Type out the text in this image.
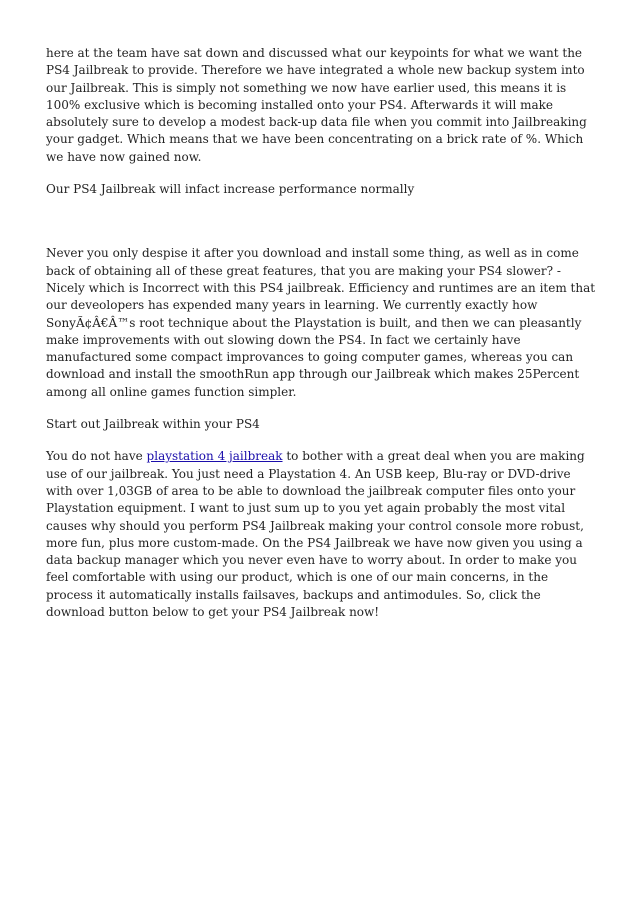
here at the team have sat down and discussed what our keypoints for what we want the PS4 Jailbreak to provide. Therefore we have integrated a whole new backup system into our Jailbreak. This is simply not something we now have earlier used, this means it is 100% exclusive which is becoming installed onto your PS4. Afterwards it will make absolutely sure to develop a modest back-up data file when you commit into Jailbreaking your gadget. Which means that we have been concentrating on a brick rate of %. Which we have now gained now.

Our PS4 Jailbreak will infact increase performance normally

Never you only despise it after you download and install some thing, as well as in come back of obtaining all of these great features, that you are making your PS4 slower? - Nicely which is Incorrect with this PS4 jailbreak. Efficiency and runtimes are an item that our deveolopers has expended many years in learning. We currently exactly how SonyÃ¢Â€Â™s root technique about the Playstation is built, and then we can pleasantly make improvements with out slowing down the PS4. In fact we certainly have manufactured some compact improvances to going computer games, whereas you can download and install the smoothRun app through our Jailbreak which makes 25Percent among all online games function simpler.

Start out Jailbreak within your PS4

You do not have playstation 4 jailbreak to bother with a great deal when you are making use of our jailbreak. You just need a Playstation 4. An USB keep, Blu-ray or DVD-drive with over 1,03GB of area to be able to download the jailbreak computer files onto your Playstation equipment. I want to just sum up to you yet again probably the most vital causes why should you perform PS4 Jailbreak making your control console more robust, more fun, plus more custom-made. On the PS4 Jailbreak we have now given you using a data backup manager which you never even have to worry about. In order to make you feel comfortable with using our product, which is one of our main concerns, in the process it automatically installs failsaves, backups and antimodules. So, click the download button below to get your PS4 Jailbreak now!
